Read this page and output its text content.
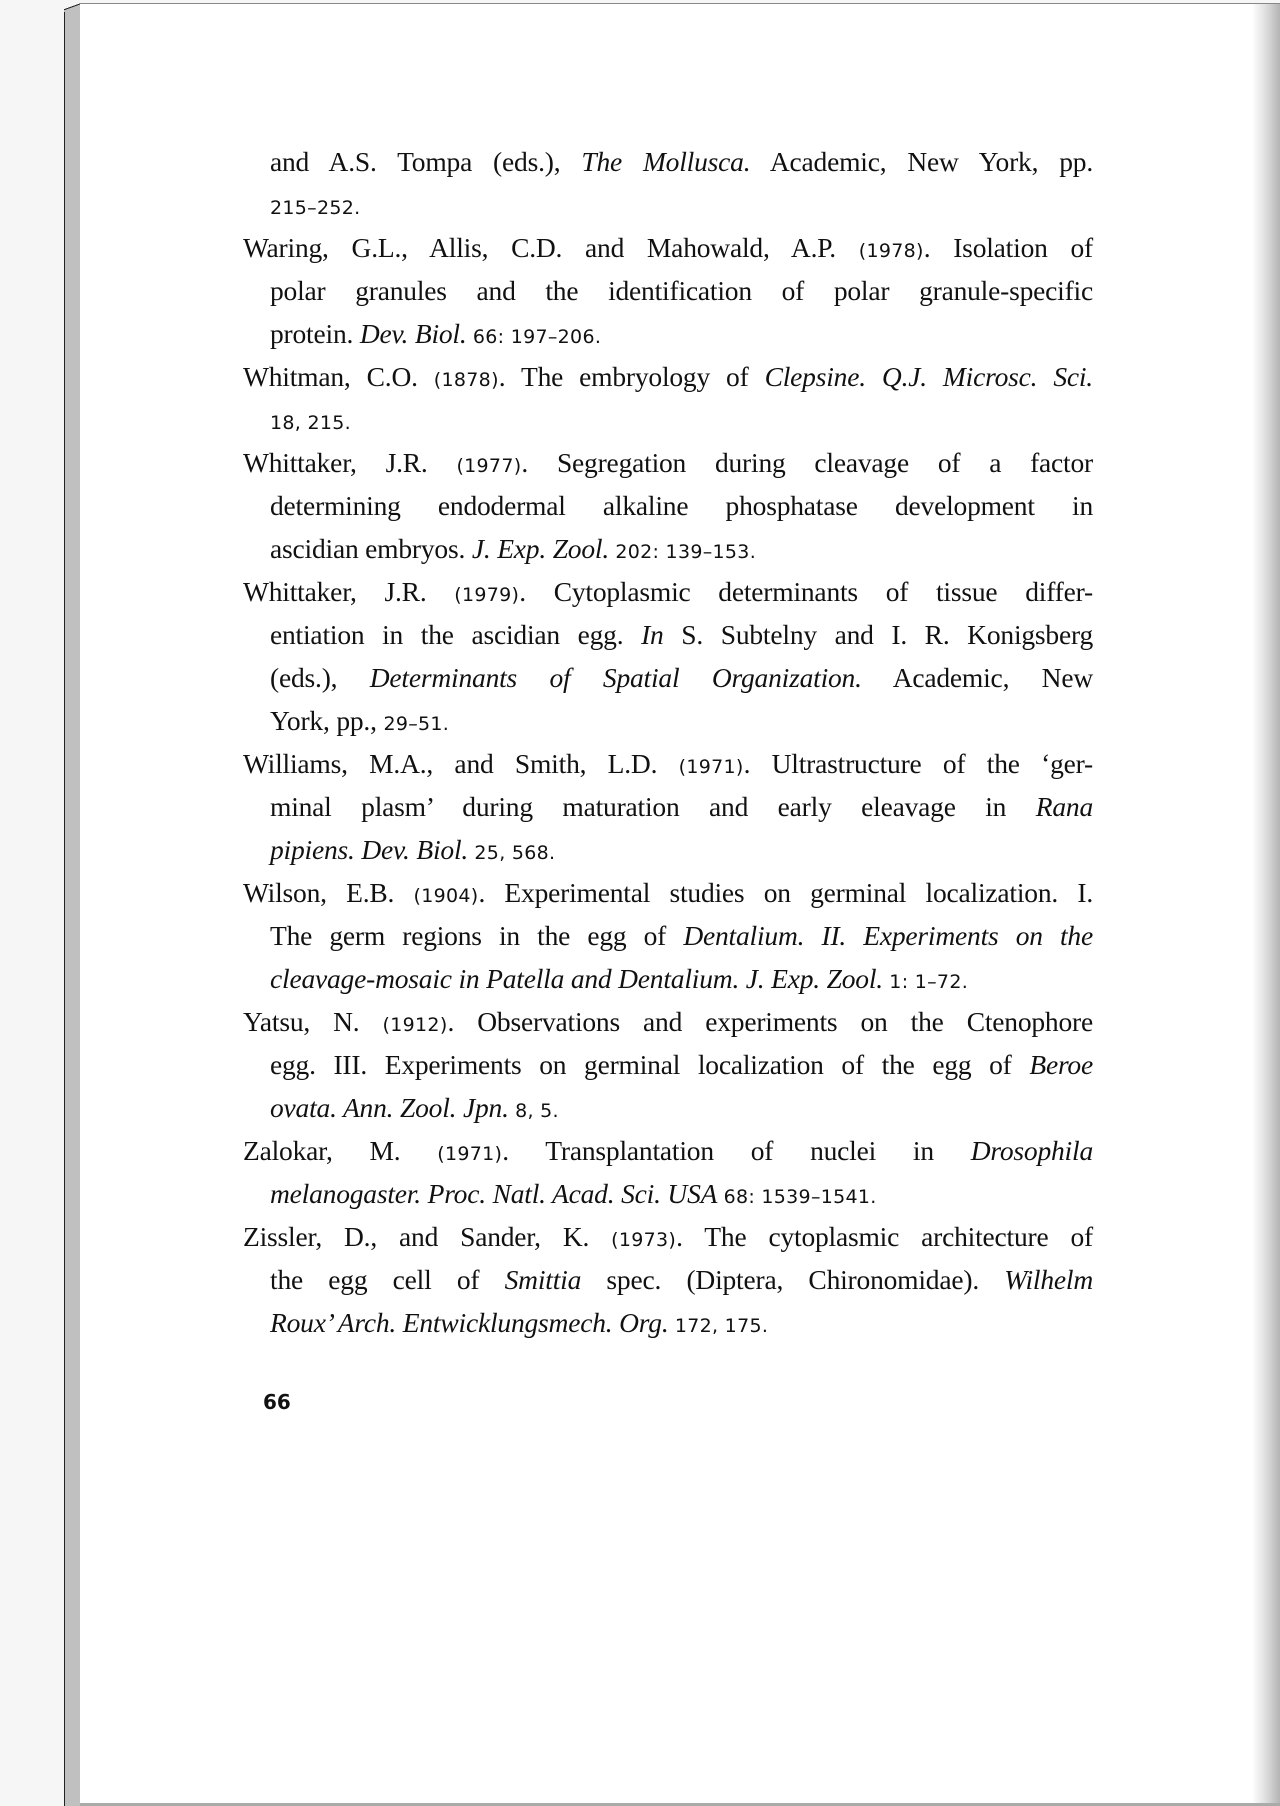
and A.S. Tompa (eds.), The Mollusca. Academic, New York, pp.
215–252.
Waring, G.L., Allis, C.D. and Mahowald, A.P. (1978). Isolation of
polar granules and the identification of polar granule-specific
protein. Dev. Biol. 66: 197–206.
Whitman, C.O. (1878). The embryology of Clepsine. Q.J. Microsc. Sci.
18, 215.
Whittaker, J.R. (1977). Segregation during cleavage of a factor
determining endodermal alkaline phosphatase development in
ascidian embryos. J. Exp. Zool. 202: 139–153.
Whittaker, J.R. (1979). Cytoplasmic determinants of tissue differ-
entiation in the ascidian egg. In S. Subtelny and I. R. Konigsberg
(eds.), Determinants of Spatial Organization. Academic, New
York, pp., 29–51.
Williams, M.A., and Smith, L.D. (1971). Ultrastructure of the ‘ger-
minal plasm’ during maturation and early eleavage in Rana
pipiens. Dev. Biol. 25, 568.
Wilson, E.B. (1904). Experimental studies on germinal localization. I.
The germ regions in the egg of Dentalium. II. Experiments on the
cleavage-mosaic in Patella and Dentalium. J. Exp. Zool. 1: 1–72.
Yatsu, N. (1912). Observations and experiments on the Ctenophore
egg. III. Experiments on germinal localization of the egg of Beroe
ovata. Ann. Zool. Jpn. 8, 5.
Zalokar, M. (1971). Transplantation of nuclei in Drosophila
melanogaster. Proc. Natl. Acad. Sci. USA 68: 1539–1541.
Zissler, D., and Sander, K. (1973). The cytoplasmic architecture of
the egg cell of Smittia spec. (Diptera, Chironomidae). Wilhelm
Roux’ Arch. Entwicklungsmech. Org. 172, 175.
66
